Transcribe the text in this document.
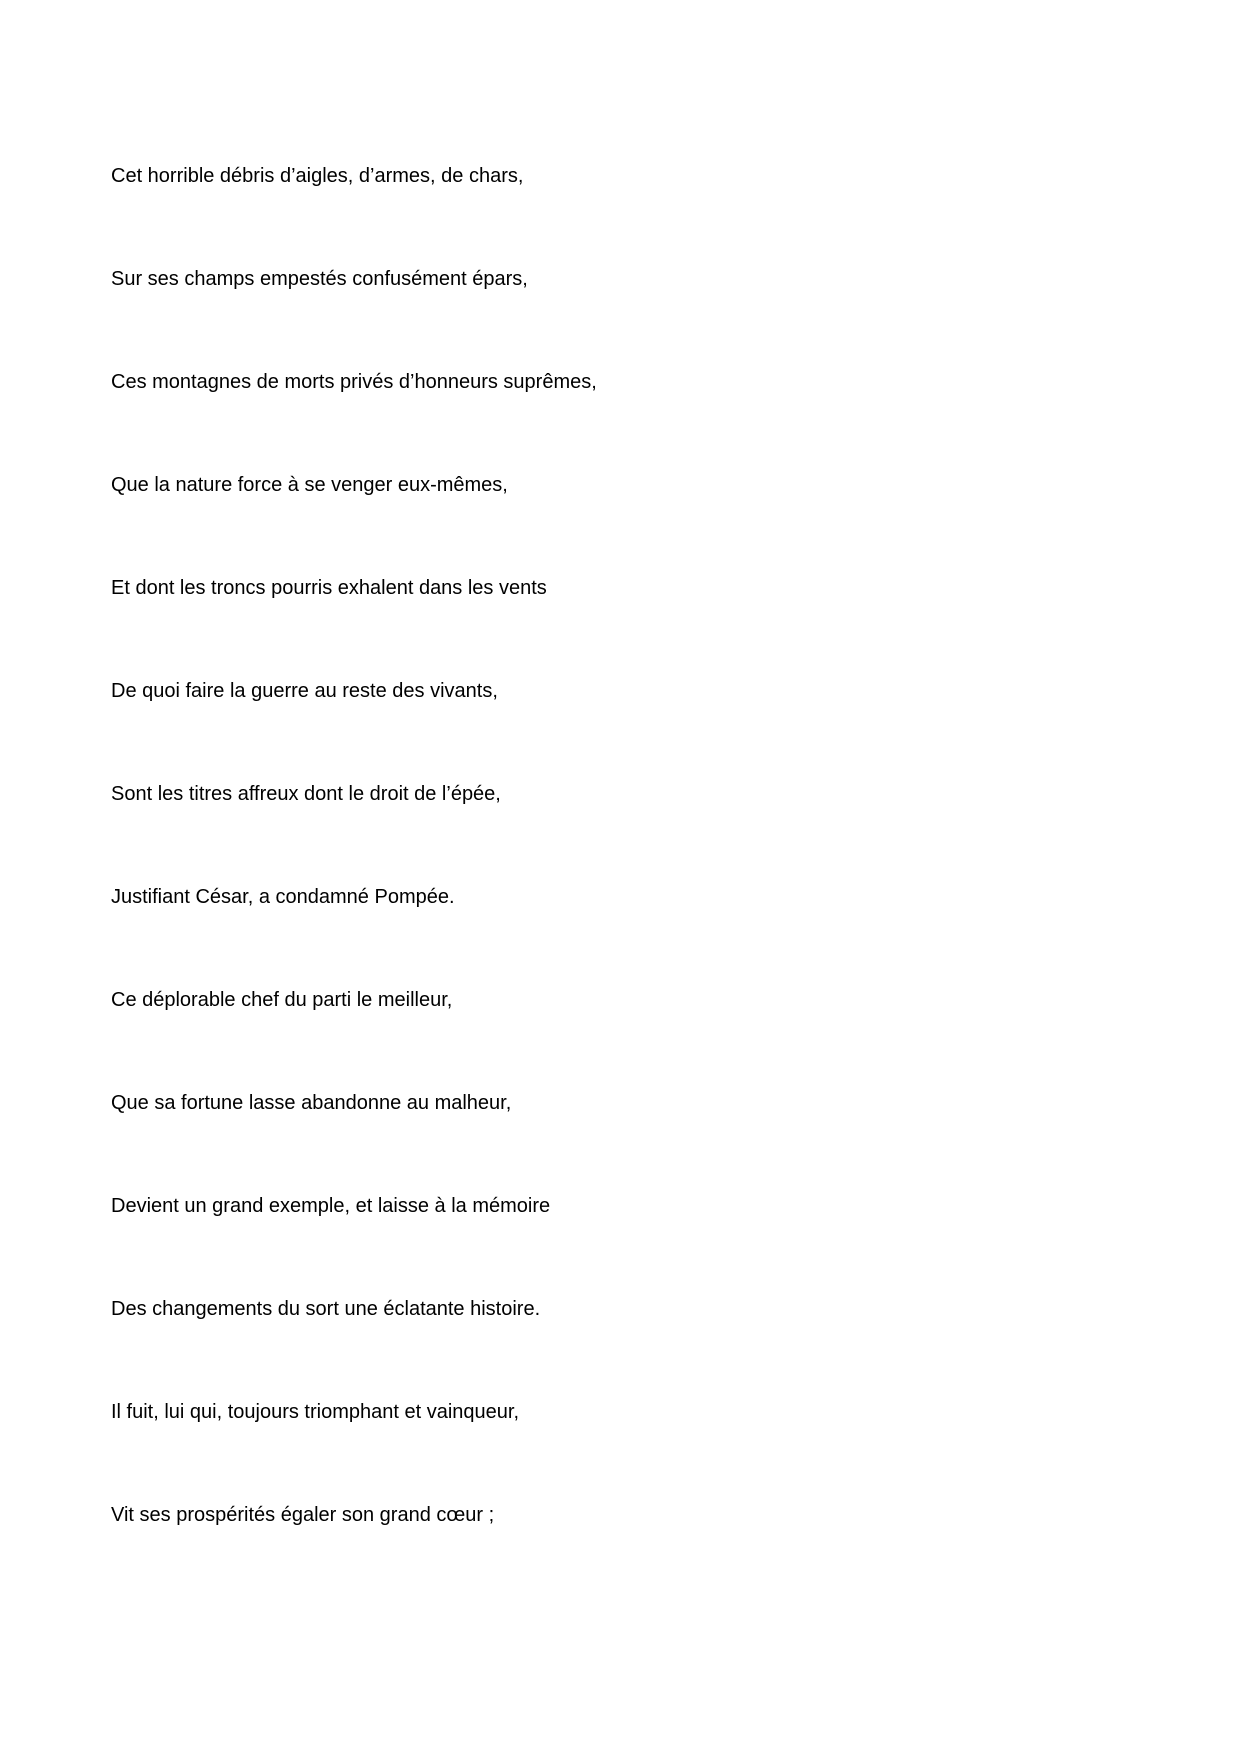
Cet horrible débris d’aigles, d’armes, de chars,
Sur ses champs empestés confusément épars,
Ces montagnes de morts privés d’honneurs suprêmes,
Que la nature force à se venger eux-mêmes,
Et dont les troncs pourris exhalent dans les vents
De quoi faire la guerre au reste des vivants,
Sont les titres affreux dont le droit de l’épée,
Justifiant César, a condamné Pompée.
Ce déplorable chef du parti le meilleur,
Que sa fortune lasse abandonne au malheur,
Devient un grand exemple, et laisse à la mémoire
Des changements du sort une éclatante histoire.
Il fuit, lui qui, toujours triomphant et vainqueur,
Vit ses prospérités égaler son grand cœur ;
